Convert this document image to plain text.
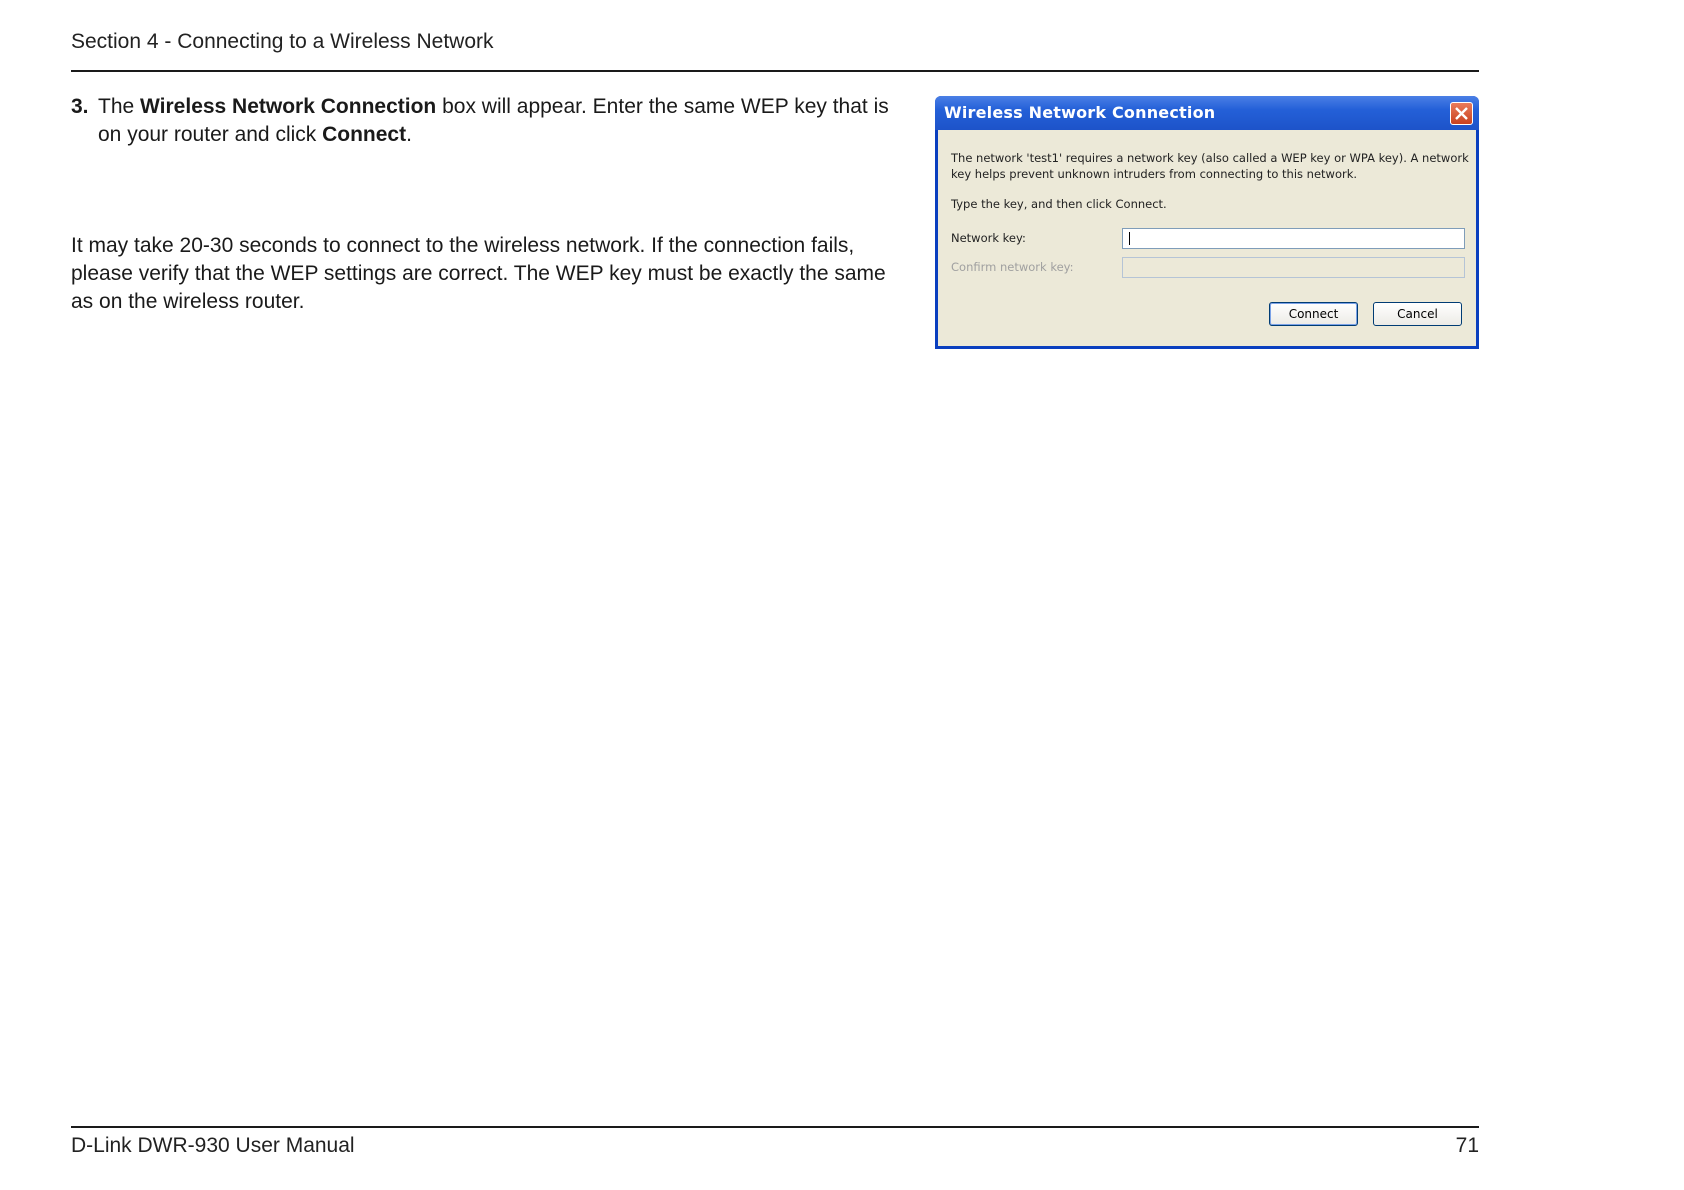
Section 4 - Connecting to a Wireless Network
3. The Wireless Network Connection box will appear. Enter the same WEP key that is on your router and click Connect.
It may take 20-30 seconds to connect to the wireless network. If the connection fails, please verify that the WEP settings are correct. The WEP key must be exactly the same as on the wireless router.
Wireless Network Connection
The network 'test1' requires a network key (also called a WEP key or WPA key). A network key helps prevent unknown intruders from connecting to this network.
Type the key, and then click Connect.
Network key:
Confirm network key:
Connect	Cancel
D-Link DWR-930 User Manual	71
